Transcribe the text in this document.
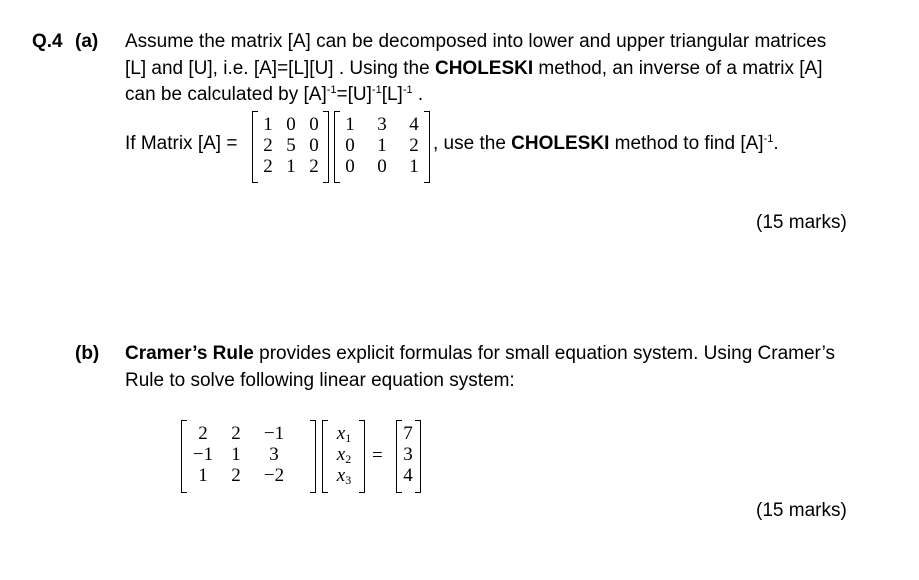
Q.4 (a) Assume the matrix [A] can be decomposed into lower and upper triangular matrices
[L] and [U], i.e. [A]=[L][U] . Using the CHOLESKI method, an inverse of a matrix [A]
can be calculated by $[A]^{-1}=[U]^{-1}[L]^{-1}$ .
If Matrix [A] =
1 0 0
2 5 0
2 1 2
1 3 4
0 1 2
0 0 1
, use the CHOLESKI method to find $[A]^{-1}$.
(15 marks)
(b) Cramer’s Rule provides explicit formulas for small equation system. Using Cramer’s
Rule to solve following linear equation system:
2	2	−1
−1 1	3
1	2	−2
$x_1$
$x_2$
$x_3$
=
7
3
4
(15 marks)
